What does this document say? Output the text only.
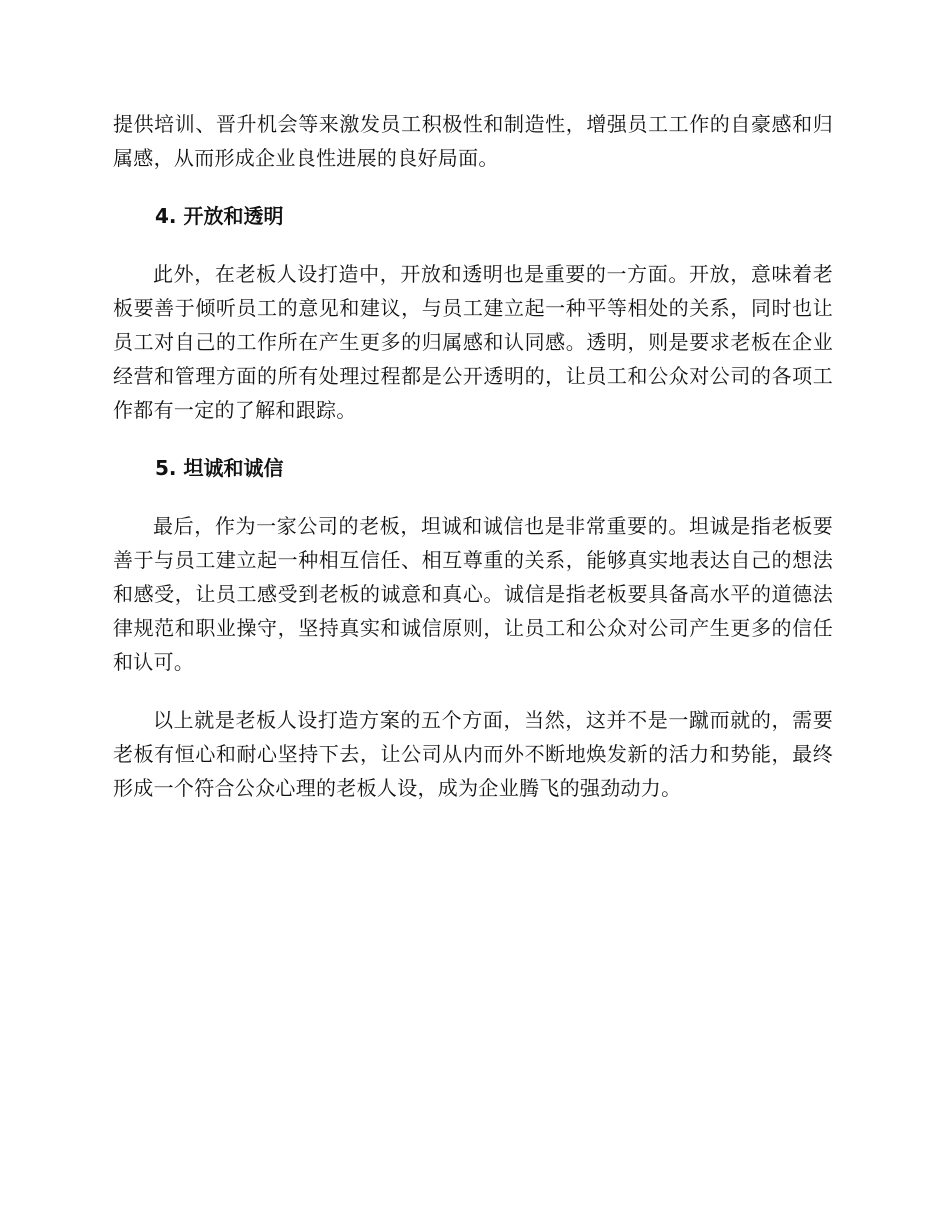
提供培训、晋升机会等来激发员工积极性和制造性，增强员工工作的自豪感和归属感，从而形成企业良性进展的良好局面。

4. 开放和透明

此外，在老板人设打造中，开放和透明也是重要的一方面。开放，意味着老板要善于倾听员工的意见和建议，与员工建立起一种平等相处的关系，同时也让员工对自己的工作所在产生更多的归属感和认同感。透明，则是要求老板在企业经营和管理方面的所有处理过程都是公开透明的，让员工和公众对公司的各项工作都有一定的了解和跟踪。

5. 坦诚和诚信

最后，作为一家公司的老板，坦诚和诚信也是非常重要的。坦诚是指老板要善于与员工建立起一种相互信任、相互尊重的关系，能够真实地表达自己的想法和感受，让员工感受到老板的诚意和真心。诚信是指老板要具备高水平的道德法律规范和职业操守，坚持真实和诚信原则，让员工和公众对公司产生更多的信任和认可。

以上就是老板人设打造方案的五个方面，当然，这并不是一蹴而就的，需要老板有恒心和耐心坚持下去，让公司从内而外不断地焕发新的活力和势能，最终形成一个符合公众心理的老板人设，成为企业腾飞的强劲动力。
